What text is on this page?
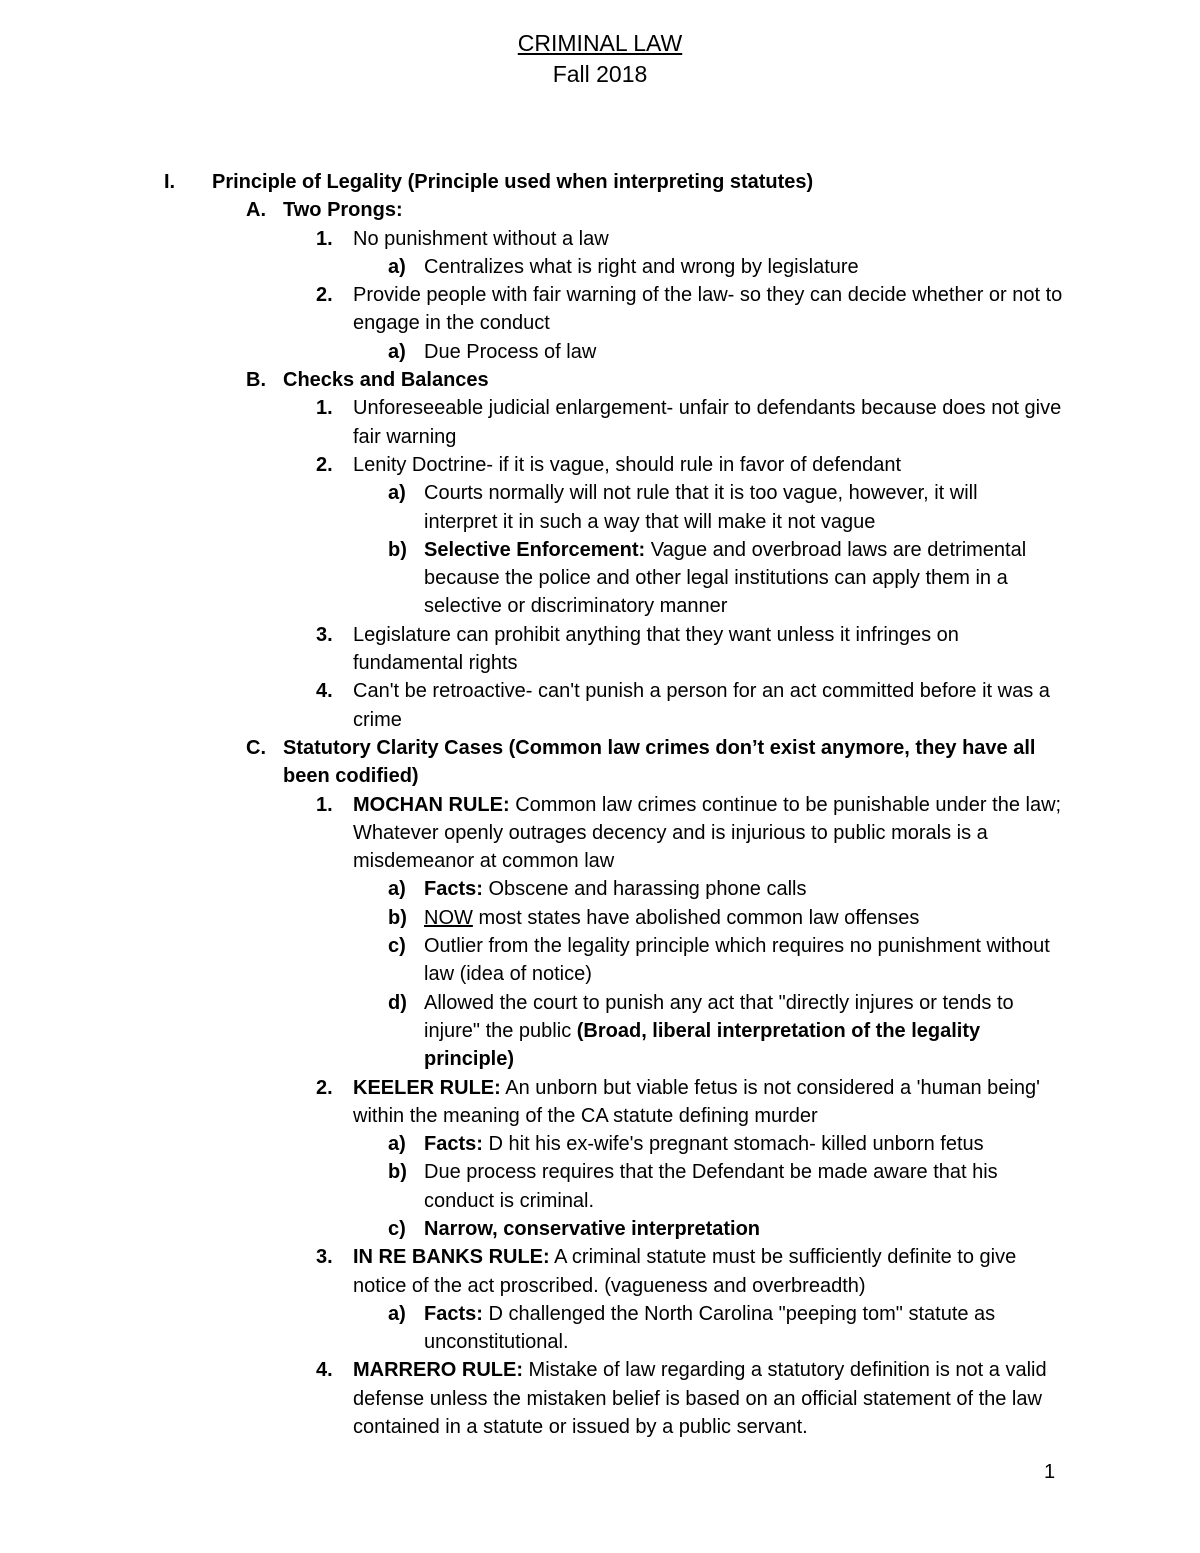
CRIMINAL LAW
Fall 2018
I. Principle of Legality (Principle used when interpreting statutes)
A. Two Prongs:
1. No punishment without a law
a) Centralizes what is right and wrong by legislature
2. Provide people with fair warning of the law- so they can decide whether or not to engage in the conduct
a) Due Process of law
B. Checks and Balances
1. Unforeseeable judicial enlargement- unfair to defendants because does not give fair warning
2. Lenity Doctrine- if it is vague, should rule in favor of defendant
a) Courts normally will not rule that it is too vague, however, it will interpret it in such a way that will make it not vague
b) Selective Enforcement: Vague and overbroad laws are detrimental because the police and other legal institutions can apply them in a selective or discriminatory manner
3. Legislature can prohibit anything that they want unless it infringes on fundamental rights
4. Can't be retroactive- can't punish a person for an act committed before it was a crime
C. Statutory Clarity Cases (Common law crimes don’t exist anymore, they have all been codified)
1. MOCHAN RULE: Common law crimes continue to be punishable under the law; Whatever openly outrages decency and is injurious to public morals is a misdemeanor at common law
a) Facts: Obscene and harassing phone calls
b) NOW most states have abolished common law offenses
c) Outlier from the legality principle which requires no punishment without law (idea of notice)
d) Allowed the court to punish any act that "directly injures or tends to injure" the public (Broad, liberal interpretation of the legality principle)
2. KEELER RULE: An unborn but viable fetus is not considered a 'human being' within the meaning of the CA statute defining murder
a) Facts: D hit his ex-wife's pregnant stomach- killed unborn fetus
b) Due process requires that the Defendant be made aware that his conduct is criminal.
c) Narrow, conservative interpretation
3. IN RE BANKS RULE: A criminal statute must be sufficiently definite to give notice of the act proscribed. (vagueness and overbreadth)
a) Facts: D challenged the North Carolina "peeping tom" statute as unconstitutional.
4. MARRERO RULE: Mistake of law regarding a statutory definition is not a valid defense unless the mistaken belief is based on an official statement of the law contained in a statute or issued by a public servant.
1
